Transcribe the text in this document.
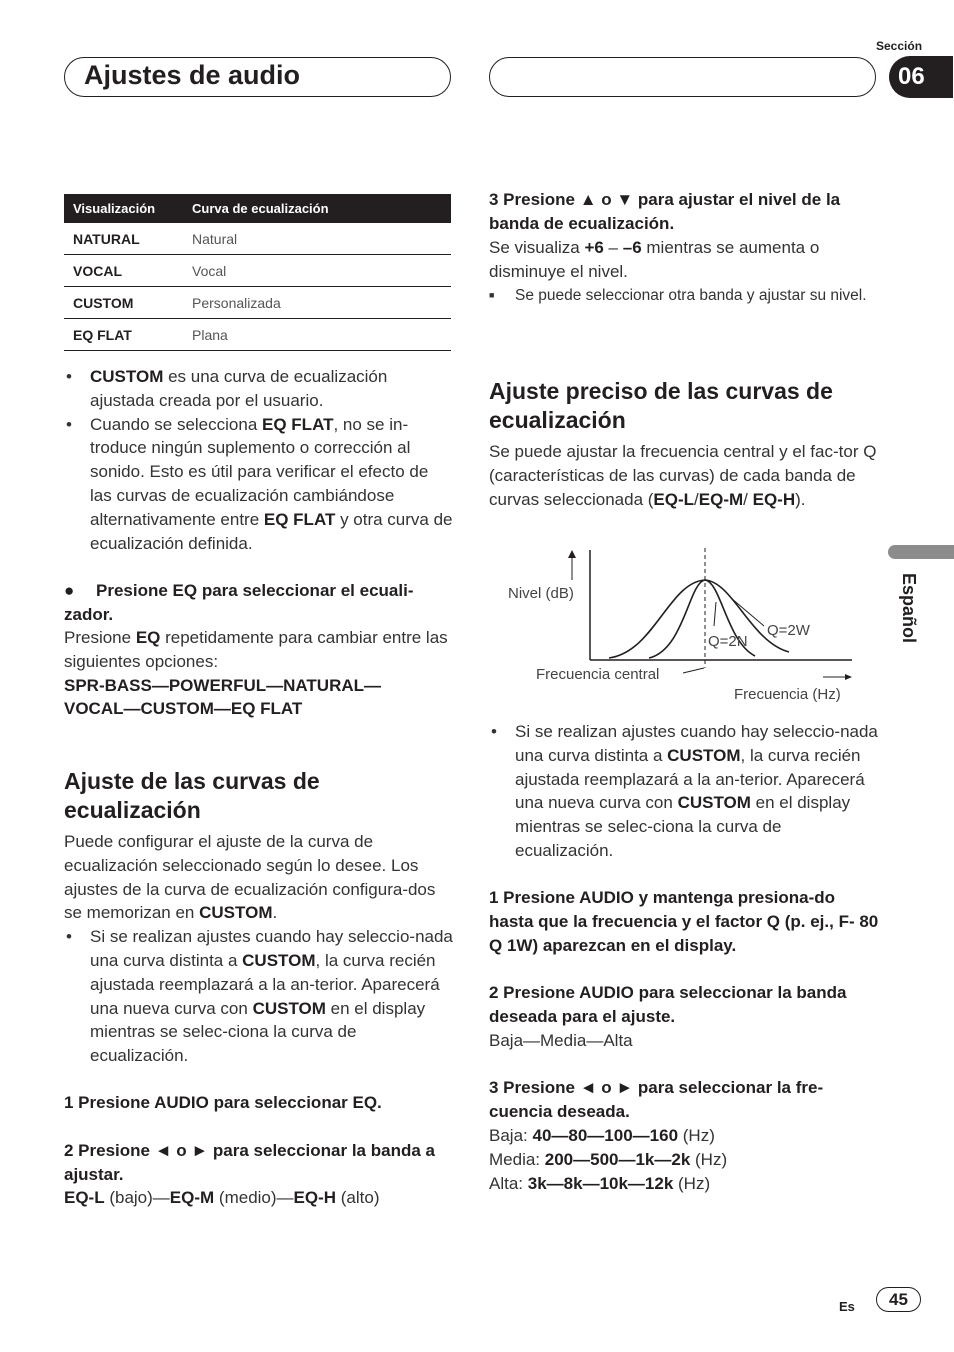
Ajustes de audio
Sección
06
Español
Visualización	Curva de ecualización
NATURAL	Natural
VOCAL	Vocal
CUSTOM	Personalizada
EQ FLAT	Plana
• CUSTOM es una curva de ecualización ajustada creada por el usuario.
• Cuando se selecciona EQ FLAT, no se in-troduce ningún suplemento o corrección al sonido. Esto es útil para verificar el efecto de las curvas de ecualización cambiándose alternativamente entre EQ FLAT y otra curva de ecualización definida.
● Presione EQ para seleccionar el ecuali-zador.
Presione EQ repetidamente para cambiar entre las siguientes opciones:
SPR-BASS—POWERFUL—NATURAL—
VOCAL—CUSTOM—EQ FLAT
Ajuste de las curvas de ecualización
Puede configurar el ajuste de la curva de ecualización seleccionado según lo desee. Los ajustes de la curva de ecualización configura-dos se memorizan en CUSTOM.
• Si se realizan ajustes cuando hay seleccio-nada una curva distinta a CUSTOM, la curva recién ajustada reemplazará a la an-terior. Aparecerá una nueva curva con CUSTOM en el display mientras se selec-ciona la curva de ecualización.
1 Presione AUDIO para seleccionar EQ.
2 Presione ◄ o ► para seleccionar la banda a ajustar.
EQ-L (bajo)—EQ-M (medio)—EQ-H (alto)
3 Presione ▲ o ▼ para ajustar el nivel de la banda de ecualización.
Se visualiza +6 – –6 mientras se aumenta o disminuye el nivel.
■ Se puede seleccionar otra banda y ajustar su nivel.
Ajuste preciso de las curvas de ecualización
Se puede ajustar la frecuencia central y el fac-tor Q (características de las curvas) de cada banda de curvas seleccionada (EQ-L/EQ-M/ EQ-H).
Nivel (dB)
Frecuencia central
Frecuencia (Hz)
Q=2N
Q=2W
• Si se realizan ajustes cuando hay seleccio-nada una curva distinta a CUSTOM, la curva recién ajustada reemplazará a la an-terior. Aparecerá una nueva curva con CUSTOM en el display mientras se selec-ciona la curva de ecualización.
1 Presione AUDIO y mantenga presiona-do hasta que la frecuencia y el factor Q (p. ej., F- 80 Q 1W) aparezcan en el display.
2 Presione AUDIO para seleccionar la banda deseada para el ajuste.
Baja—Media—Alta
3 Presione ◄ o ► para seleccionar la fre-cuencia deseada.
Baja: 40—80—100—160 (Hz)
Media: 200—500—1k—2k (Hz)
Alta: 3k—8k—10k—12k (Hz)
Es	45
